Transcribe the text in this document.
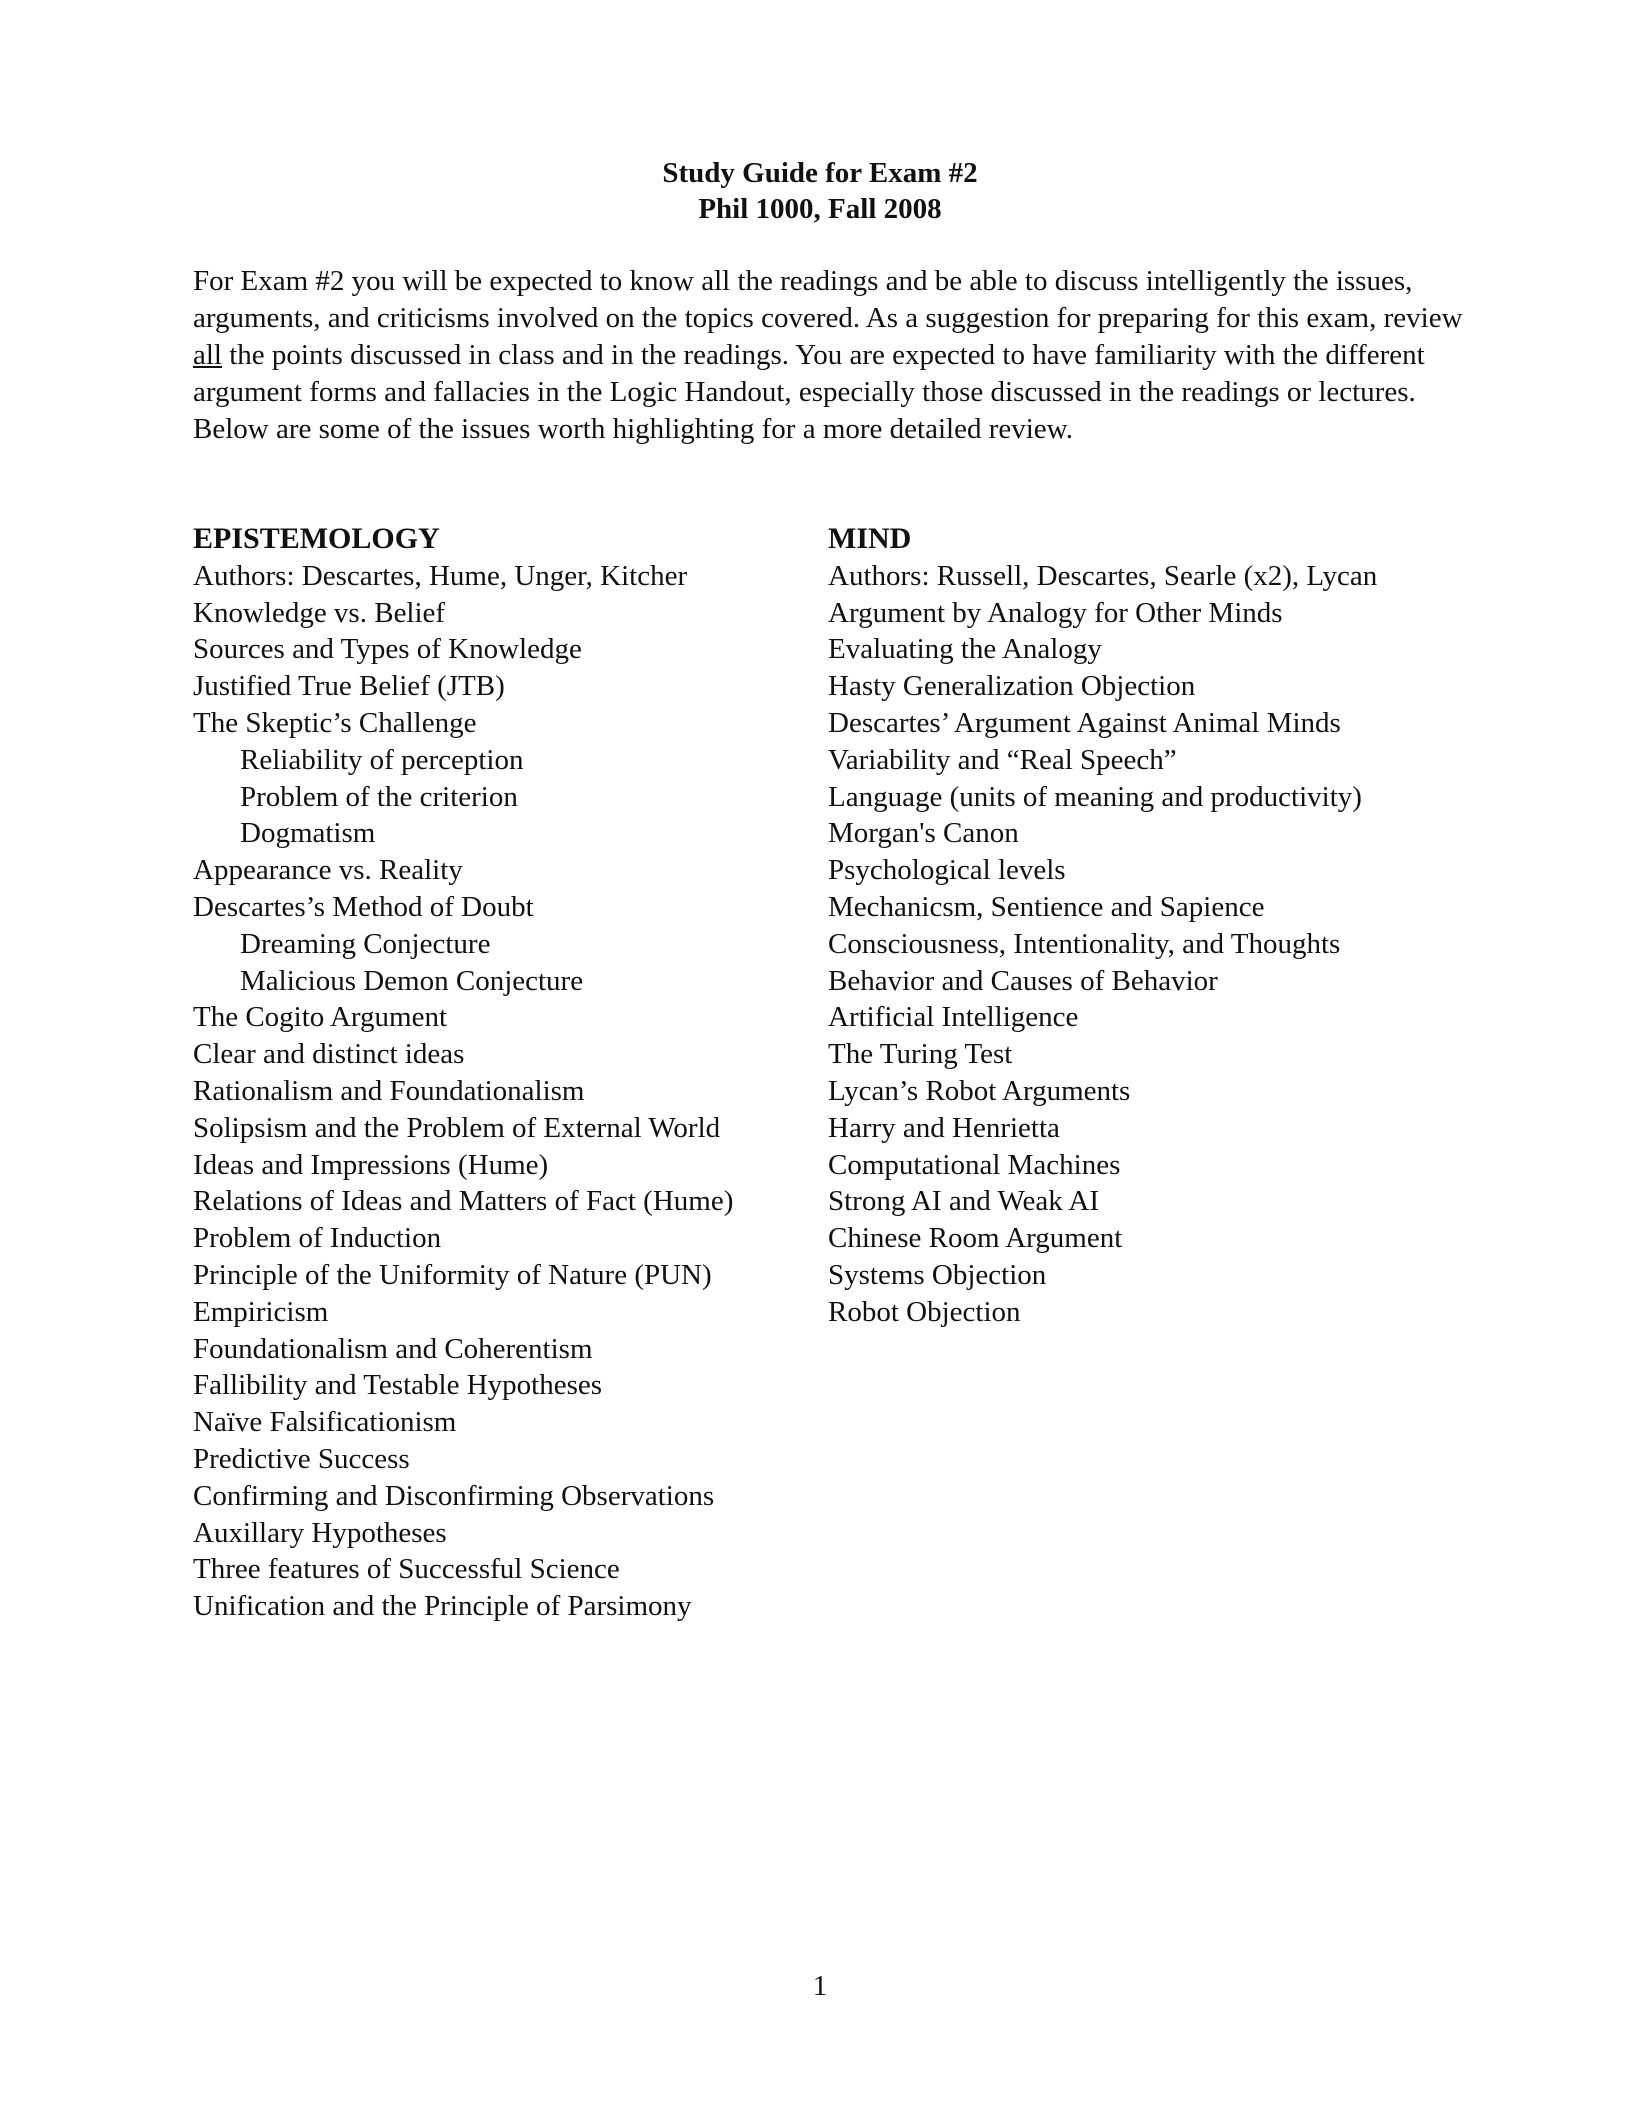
Study Guide for Exam #2
Phil 1000, Fall 2008

For Exam #2 you will be expected to know all the readings and be able to discuss intelligently the issues, arguments, and criticisms involved on the topics covered. As a suggestion for preparing for this exam, review all the points discussed in class and in the readings. You are expected to have familiarity with the different argument forms and fallacies in the Logic Handout, especially those discussed in the readings or lectures. Below are some of the issues worth highlighting for a more detailed review.

EPISTEMOLOGY
Authors: Descartes, Hume, Unger, Kitcher
Knowledge vs. Belief
Sources and Types of Knowledge
Justified True Belief (JTB)
The Skeptic’s Challenge
Reliability of perception
Problem of the criterion
Dogmatism
Appearance vs. Reality
Descartes’s Method of Doubt
Dreaming Conjecture
Malicious Demon Conjecture
The Cogito Argument
Clear and distinct ideas
Rationalism and Foundationalism
Solipsism and the Problem of External World
Ideas and Impressions (Hume)
Relations of Ideas and Matters of Fact (Hume)
Problem of Induction
Principle of the Uniformity of Nature (PUN)
Empiricism
Foundationalism and Coherentism
Fallibility and Testable Hypotheses
Naïve Falsificationism
Predictive Success
Confirming and Disconfirming Observations
Auxillary Hypotheses
Three features of Successful Science
Unification and the Principle of Parsimony
MIND
Authors: Russell, Descartes, Searle (x2), Lycan
Argument by Analogy for Other Minds
Evaluating the Analogy
Hasty Generalization Objection
Descartes’ Argument Against Animal Minds
Variability and “Real Speech”
Language (units of meaning and productivity)
Morgan's Canon
Psychological levels
Mechanicsm, Sentience and Sapience
Consciousness, Intentionality, and Thoughts
Behavior and Causes of Behavior
Artificial Intelligence
The Turing Test
Lycan’s Robot Arguments
Harry and Henrietta
Computational Machines
Strong AI and Weak AI
Chinese Room Argument
Systems Objection
Robot Objection
1
